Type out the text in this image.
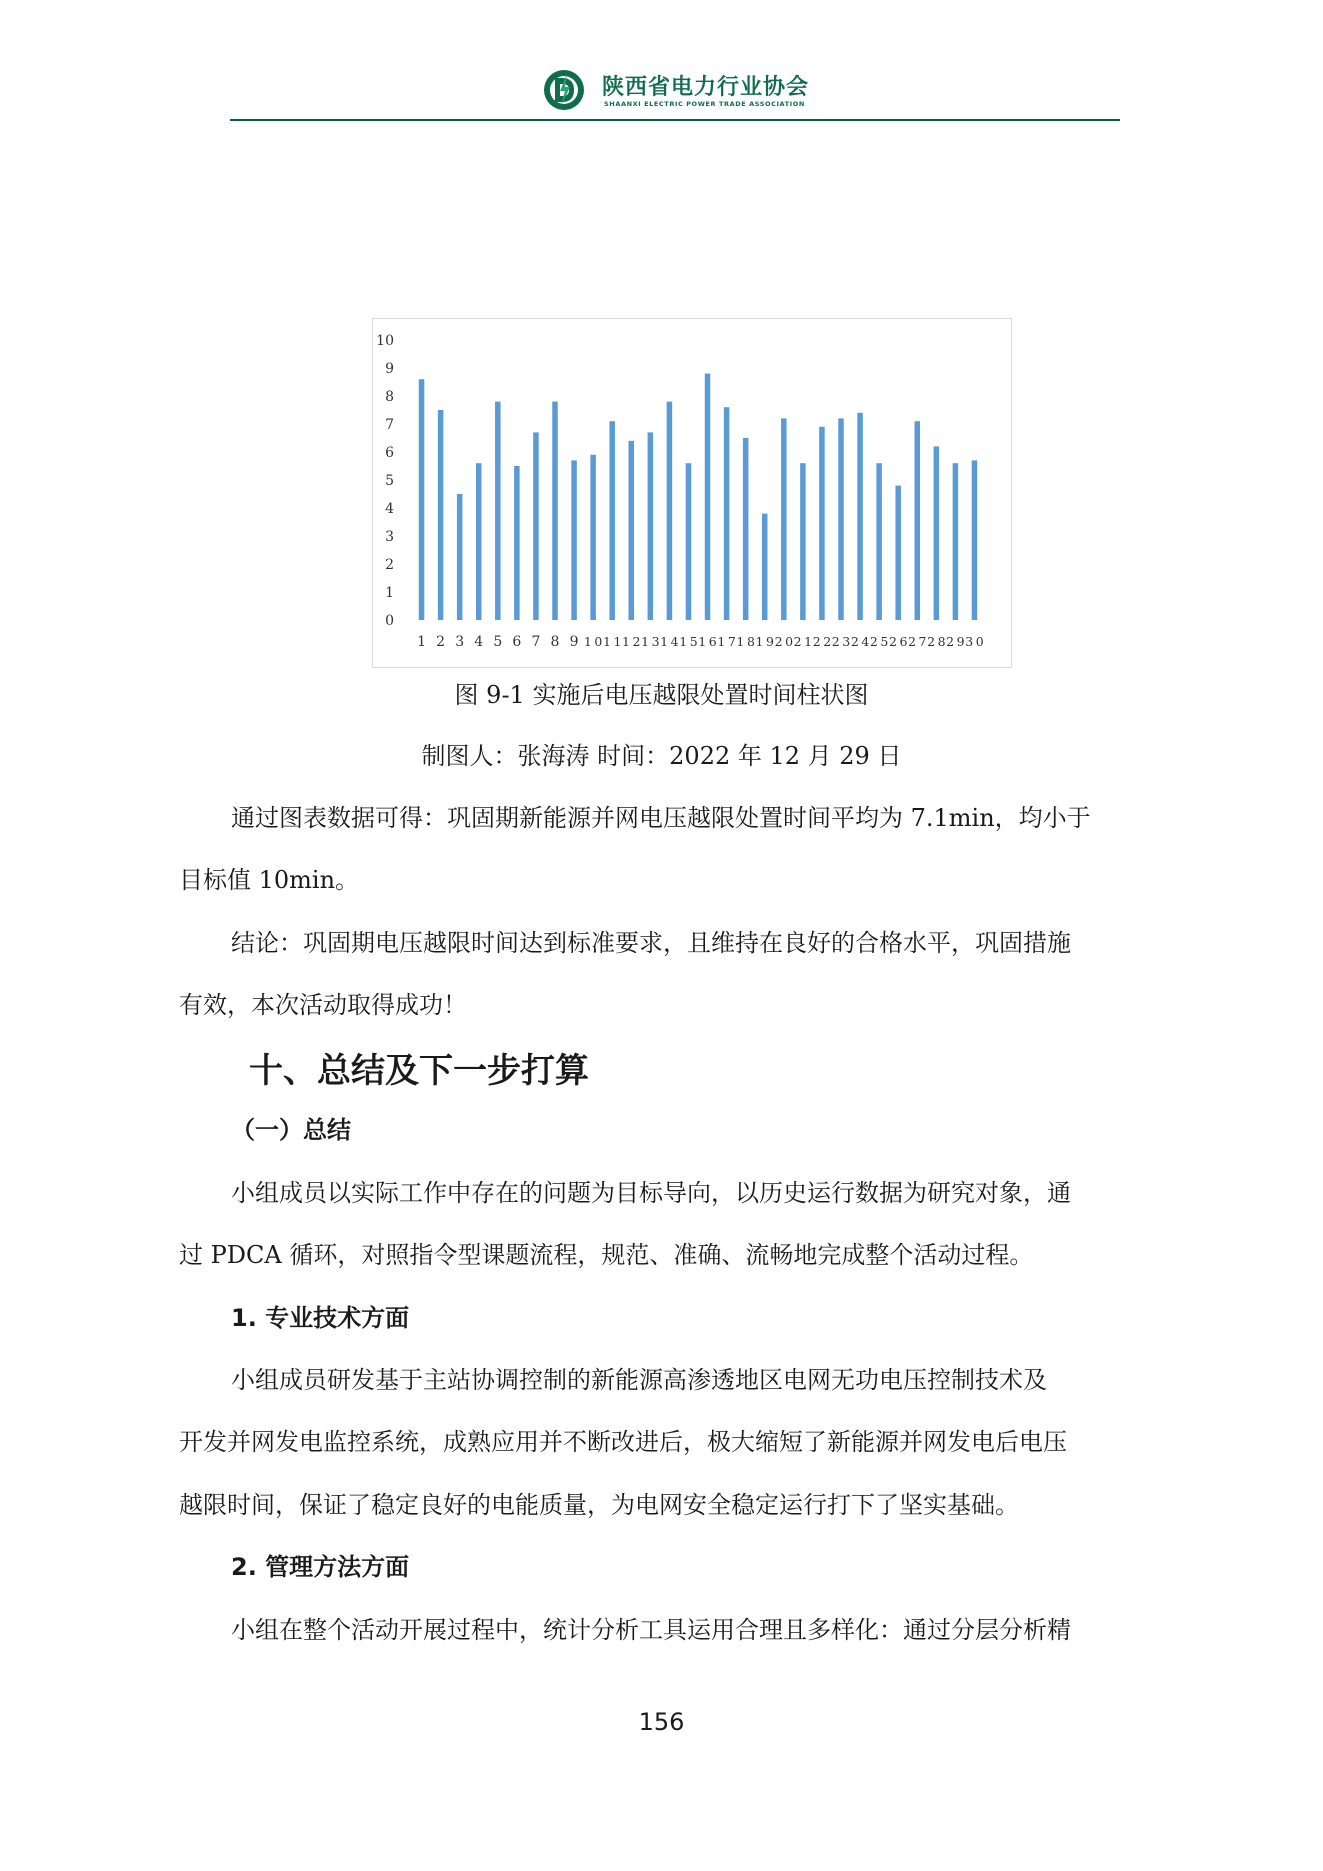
陕西省电力行业协会
SHAANXI ELECTRIC POWER TRADE ASSOCIATION
0
1
2
3
4
5
6
7
8
9
10
1 2 3 4 5 6 7 8 9 10 11 12 13 14 15 16 17 18 19 20 21 22 23 24 25 26 27 28 29 30
图 9-1 实施后电压越限处置时间柱状图
制图人：张海涛 时间：2022 年 12 月 29 日
通过图表数据可得：巩固期新能源并网电压越限处置时间平均为 7.1min，均小于
目标值 10min。
结论：巩固期电压越限时间达到标准要求，且维持在良好的合格水平，巩固措施
有效，本次活动取得成功！
十、总结及下一步打算
（一）总结
小组成员以实际工作中存在的问题为目标导向，以历史运行数据为研究对象，通
过 PDCA 循环，对照指令型课题流程，规范、准确、流畅地完成整个活动过程。
1. 专业技术方面
小组成员研发基于主站协调控制的新能源高渗透地区电网无功电压控制技术及
开发并网发电监控系统，成熟应用并不断改进后，极大缩短了新能源并网发电后电压
越限时间，保证了稳定良好的电能质量，为电网安全稳定运行打下了坚实基础。
2. 管理方法方面
小组在整个活动开展过程中，统计分析工具运用合理且多样化：通过分层分析精
156
